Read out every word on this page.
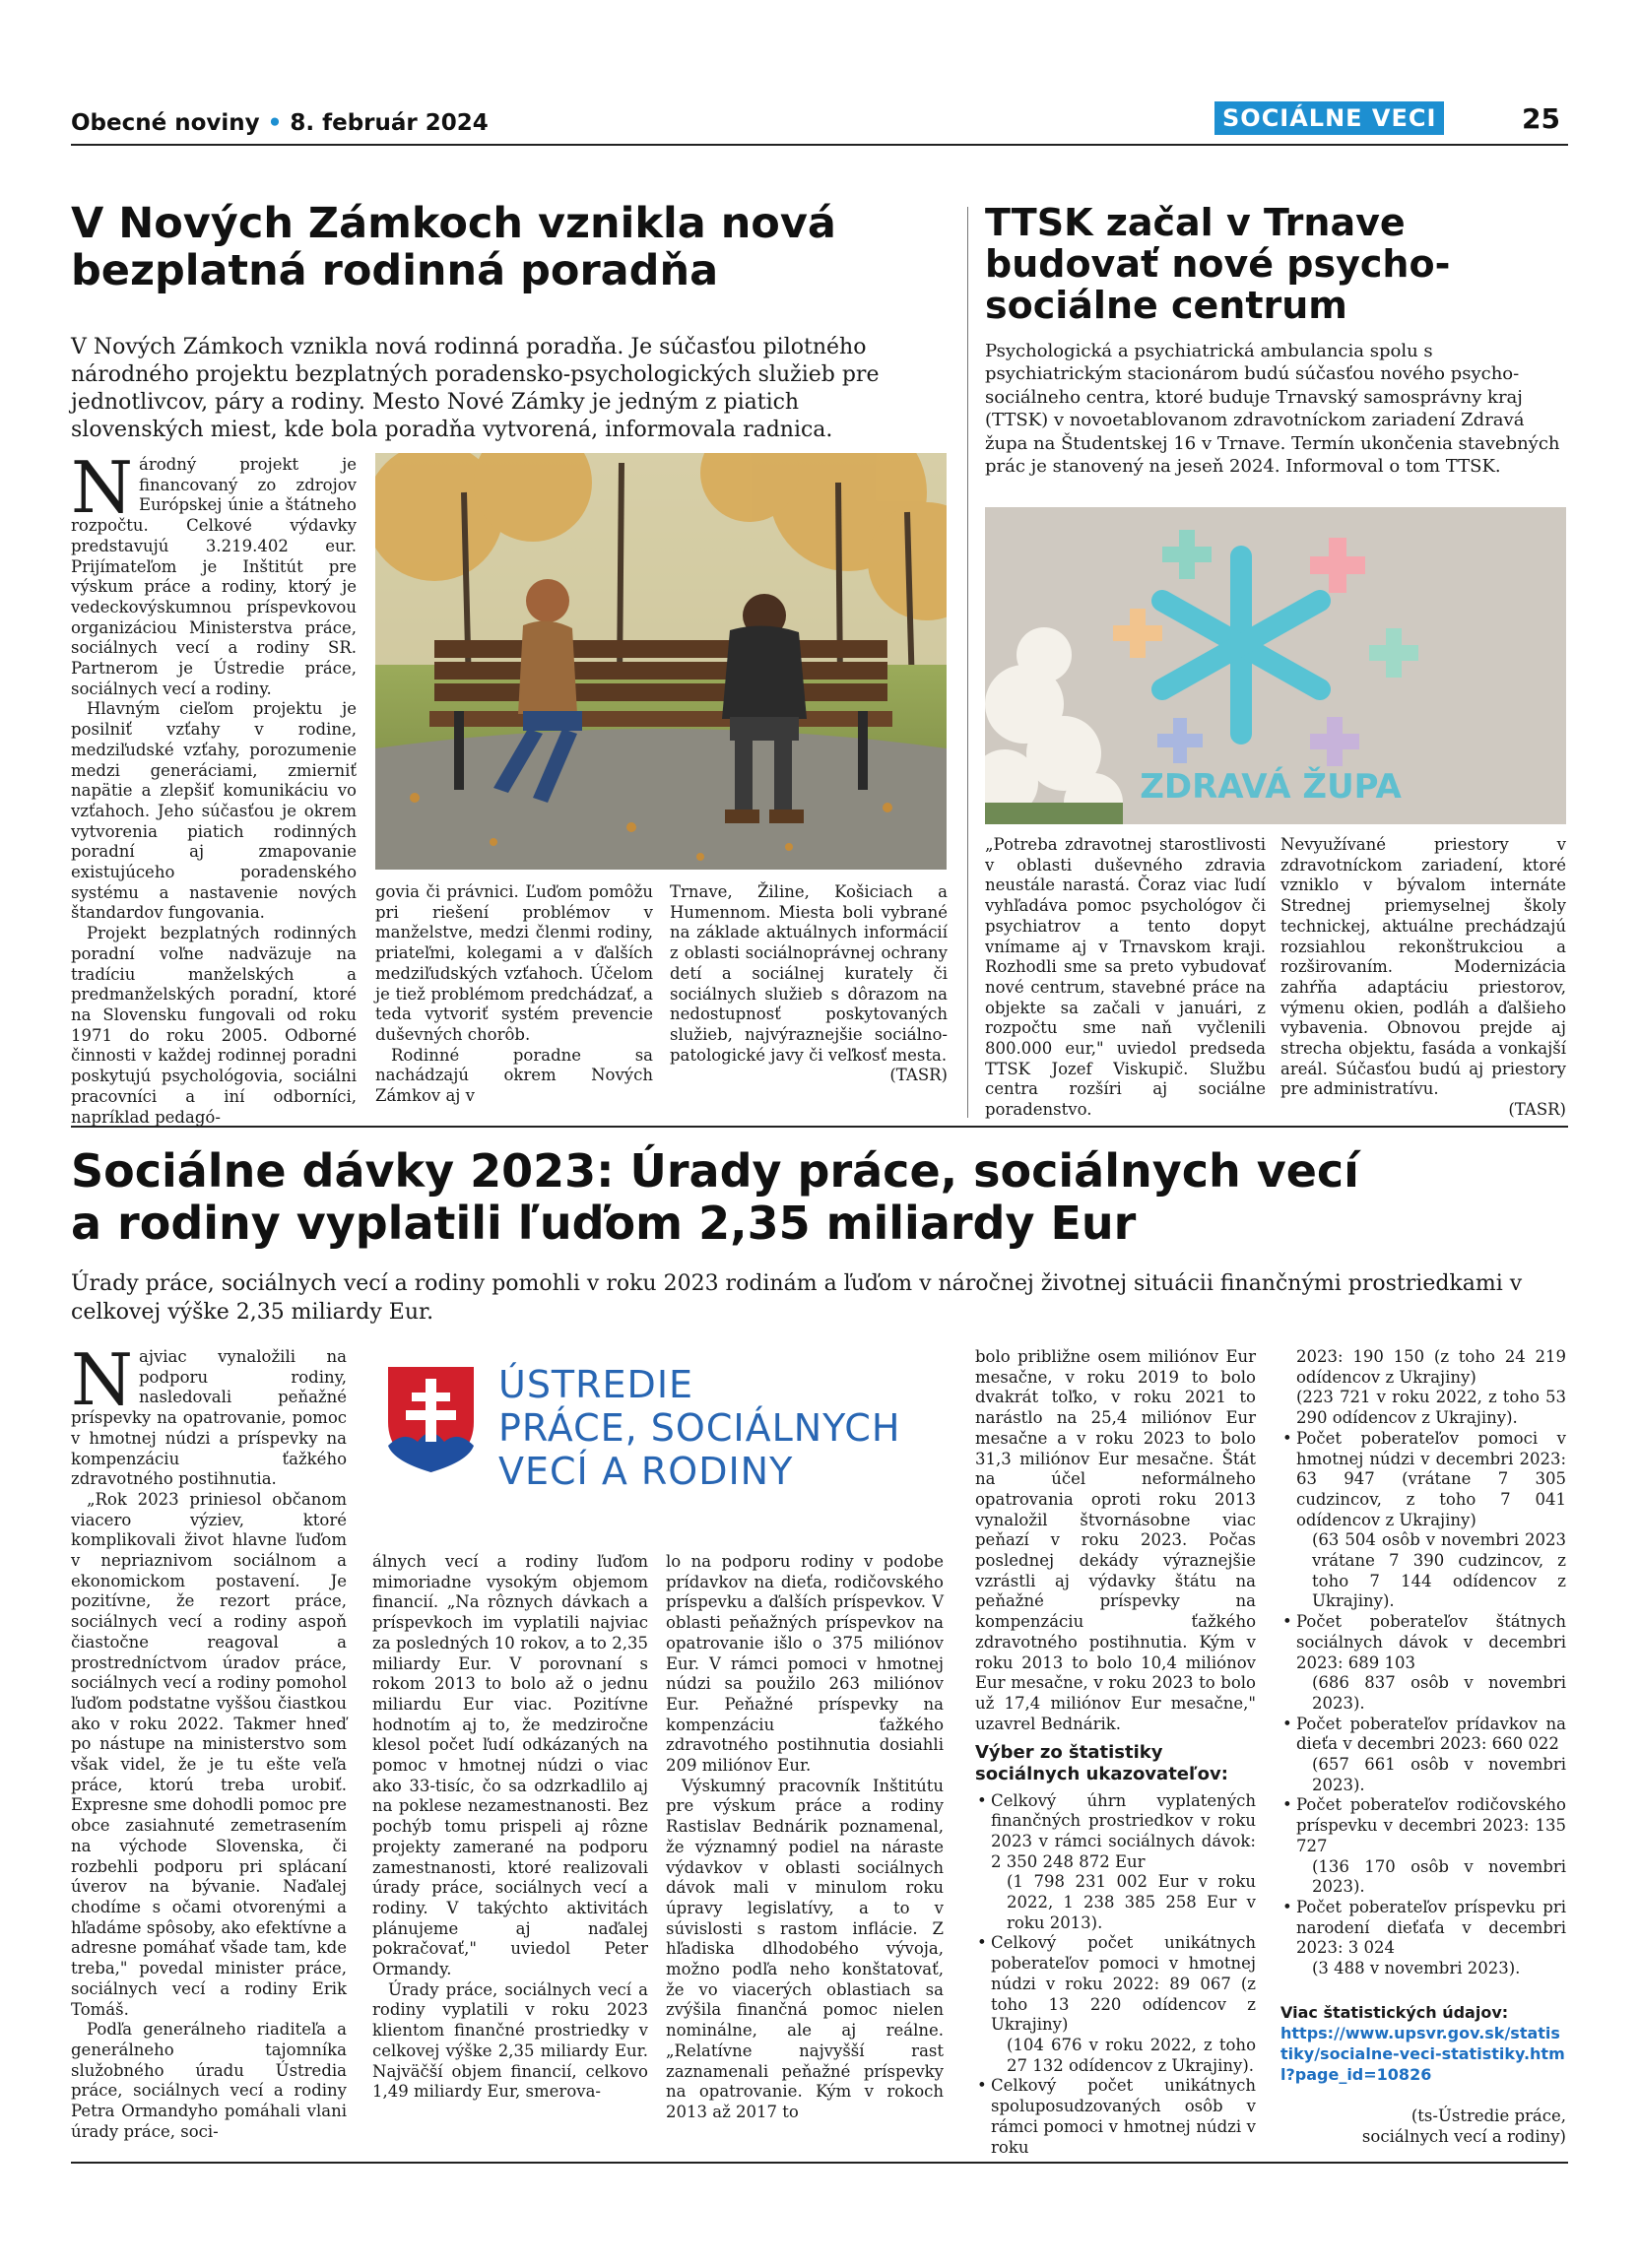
Obecné noviny • 8. február 2024	SOCIÁLNE VECI	25
V Nových Zámkoch vznikla nová
bezplatná rodinná poradňa
V Nových Zámkoch vznikla nová rodinná poradňa. Je súčasťou pilotného národného projektu bezplatných poradensko-psychologických služieb pre jednotlivcov, páry a rodiny. Mesto Nové Zámky je jedným z piatich slovenských miest, kde bola poradňa vytvorená, informovala radnica.

Národný projekt je financovaný zo zdrojov Európskej únie a štátneho rozpočtu. Celkové výdavky predstavujú 3.219.402 eur. Prijímateľom je Inštitút pre výskum práce a rodiny, ktorý je vedeckovýskumnou príspevkovou organizáciou Ministerstva práce, sociálnych vecí a rodiny SR. Partnerom je Ústredie práce, sociálnych vecí a rodiny.

Hlavným cieľom projektu je posilniť vzťahy v rodine, medziľudské vzťahy, porozumenie medzi generáciami, zmierniť napätie a zlepšiť komunikáciu vo vzťahoch. Jeho súčasťou je okrem vytvorenia piatich rodinných poradní aj zmapovanie existujúceho poradenského systému a nastavenie nových štandardov fungovania.

Projekt bezplatných rodinných poradní voľne nadväzuje na tradíciu manželských a predmanželských poradní, ktoré na Slovensku fungovali od roku 1971 do roku 2005. Odborné činnosti v každej rodinnej poradni poskytujú psychológovia, sociálni pracovníci a iní odborníci, napríklad pedagó-

govia či právnici. Ľuďom pomôžu pri riešení problémov v manželstve, medzi členmi rodiny, priateľmi, kolegami a v ďalších medziľudských vzťahoch. Účelom je tiež problémom predchádzať, a teda vytvoriť systém prevencie duševných chorôb.

Rodinné poradne sa nachádzajú okrem Nových Zámkov aj v

Trnave, Žiline, Košiciach a Humennom. Miesta boli vybrané na základe aktuálnych informácií z oblasti sociálnoprávnej ochrany detí a sociálnej kurately či sociálnych služieb s dôrazom na nedostupnosť poskytovaných služieb, najvýraznejšie sociálno-patologické javy či veľkosť mesta.

(TASR)

TTSK začal v Trnave
budovať nové psycho-
sociálne centrum
Psychologická a psychiatrická ambulancia spolu s psychiatrickým stacionárom budú súčasťou nového psycho-sociálneho centra, ktoré buduje Trnavský samosprávny kraj (TTSK) v novoetablovanom zdravotníckom zariadení Zdravá župa na Študentskej 16 v Trnave. Termín ukončenia stavebných prác je stanovený na jeseň 2024. Informoval o tom TTSK.
ZDRAVÁ ŽUPA

„Potreba zdravotnej starostlivosti v oblasti duševného zdravia neustále narastá. Čoraz viac ľudí vyhľadáva pomoc psychológov či psychiatrov a tento dopyt vnímame aj v Trnavskom kraji. Rozhodli sme sa preto vybudovať nové centrum, stavebné práce na objekte sa začali v januári, z rozpočtu sme naň vyčlenili 800.000 eur," uviedol predseda TTSK Jozef Viskupič. Službu centra rozšíri aj sociálne poradenstvo.

Nevyužívané priestory v zdravotníckom zariadení, ktoré vzniklo v bývalom internáte Strednej priemyselnej školy technickej, aktuálne prechádzajú rozsiahlou rekonštrukciou a rozširovaním. Modernizácia zahŕňa adaptáciu priestorov, výmenu okien, podláh a ďalšieho vybavenia. Obnovou prejde aj strecha objektu, fasáda a vonkajší areál. Súčasťou budú aj priestory pre administratívu.

(TASR)

Sociálne dávky 2023: Úrady práce, sociálnych vecí
a rodiny vyplatili ľuďom 2,35 miliardy Eur
Úrady práce, sociálnych vecí a rodiny pomohli v roku 2023 rodinám a ľuďom v náročnej životnej situácii finančnými prostriedkami v celkovej výške 2,35 miliardy Eur.

Najviac vynaložili na podporu rodiny, nasledovali peňažné príspevky na opatrovanie, pomoc v hmotnej núdzi a príspevky na kompenzáciu ťažkého zdravotného postihnutia.

„Rok 2023 priniesol občanom viacero výziev, ktoré komplikovali život hlavne ľuďom v nepriaznivom sociálnom a ekonomickom postavení. Je pozitívne, že rezort práce, sociálnych vecí a rodiny aspoň čiastočne reagoval a prostredníctvom úradov práce, sociálnych vecí a rodiny pomohol ľuďom podstatne vyššou čiastkou ako v roku 2022. Takmer hneď po nástupe na ministerstvo som však videl, že je tu ešte veľa práce, ktorú treba urobiť. Expresne sme dohodli pomoc pre obce zasiahnuté zemetrasením na východe Slovenska, či rozbehli podporu pri splácaní úverov na bývanie. Naďalej chodíme s očami otvorenými a hľadáme spôsoby, ako efektívne a adresne pomáhať všade tam, kde treba," povedal minister práce, sociálnych vecí a rodiny Erik Tomáš.

Podľa generálneho riaditeľa a generálneho tajomníka služobného úradu Ústredia práce, sociálnych vecí a rodiny Petra Ormandyho pomáhali vlani úrady práce, soci-

ÚSTREDIE
PRÁCE, SOCIÁLNYCH
VECÍ A RODINY

álnych vecí a rodiny ľuďom mimoriadne vysokým objemom financií. „Na rôznych dávkach a príspevkoch im vyplatili najviac za posledných 10 rokov, a to 2,35 miliardy Eur. V porovnaní s rokom 2013 to bolo až o jednu miliardu Eur viac. Pozitívne hodnotím aj to, že medziročne klesol počet ľudí odkázaných na pomoc v hmotnej núdzi o viac ako 33-tisíc, čo sa odzrkadlilo aj na poklese nezamestnanosti. Bez pochýb tomu prispeli aj rôzne projekty zamerané na podporu zamestnanosti, ktoré realizovali úrady práce, sociálnych vecí a rodiny. V takýchto aktivitách plánujeme aj naďalej pokračovať," uviedol Peter Ormandy.

Úrady práce, sociálnych vecí a rodiny vyplatili v roku 2023 klientom finančné prostriedky v celkovej výške 2,35 miliardy Eur. Najväčší objem financií, celkovo 1,49 miliardy Eur, smerova-

lo na podporu rodiny v podobe prídavkov na dieťa, rodičovského príspevku a ďalších príspevkov. V oblasti peňažných príspevkov na opatrovanie išlo o 375 miliónov Eur. V rámci pomoci v hmotnej núdzi sa použilo 263 miliónov Eur. Peňažné príspevky na kompenzáciu ťažkého zdravotného postihnutia dosiahli 209 miliónov Eur.

Výskumný pracovník Inštitútu pre výskum práce a rodiny Rastislav Bednárik poznamenal, že významný podiel na náraste výdavkov v oblasti sociálnych dávok mali v minulom roku úpravy legislatívy, a to v súvislosti s rastom inflácie. Z hľadiska dlhodobého vývoja, možno podľa neho konštatovať, že vo viacerých oblastiach sa zvýšila finančná pomoc nielen nominálne, ale aj reálne. „Relatívne najvyšší rast zaznamenali peňažné príspevky na opatrovanie. Kým v rokoch 2013 až 2017 to

bolo približne osem miliónov Eur mesačne, v roku 2019 to bolo dvakrát toľko, v roku 2021 to narástlo na 25,4 miliónov Eur mesačne a v roku 2023 to bolo 31,3 miliónov Eur mesačne. Štát na účel neformálneho opatrovania oproti roku 2013 vynaložil štvornásobne viac peňazí v roku 2023. Počas poslednej dekády výraznejšie vzrástli aj výdavky štátu na peňažné príspevky na kompenzáciu ťažkého zdravotného postihnutia. Kým v roku 2013 to bolo 10,4 miliónov Eur mesačne, v roku 2023 to bolo už 17,4 miliónov Eur mesačne," uzavrel Bednárik.

Výber zo štatistiky sociálnych ukazovateľov:
• Celkový úhrn vyplatených finančných prostriedkov v roku 2023 v rámci sociálnych dávok: 2 350 248 872 Eur
(1 798 231 002 Eur v roku 2022, 1 238 385 258 Eur v roku 2013).
• Celkový počet unikátnych poberateľov pomoci v hmotnej núdzi v roku 2022: 89 067 (z toho 13 220 odídencov z Ukrajiny)
(104 676 v roku 2022, z toho 27 132 odídencov z Ukrajiny).
• Celkový počet unikátnych spoluposudzovaných osôb v rámci pomoci v hmotnej núdzi v roku
2023: 190 150 (z toho 24 219 odídencov z Ukrajiny)
(223 721 v roku 2022, z toho 53 290 odídencov z Ukrajiny).
• Počet poberateľov pomoci v hmotnej núdzi v decembri 2023: 63 947 (vrátane 7 305 cudzincov, z toho 7 041 odídencov z Ukrajiny)
(63 504 osôb v novembri 2023 vrátane 7 390 cudzincov, z toho 7 144 odídencov z Ukrajiny).
• Počet poberateľov štátnych sociálnych dávok v decembri 2023: 689 103
(686 837 osôb v novembri 2023).
• Počet poberateľov prídavkov na dieťa v decembri 2023: 660 022
(657 661 osôb v novembri 2023).
• Počet poberateľov rodičovského príspevku v decembri 2023: 135 727
(136 170 osôb v novembri 2023).
• Počet poberateľov príspevku pri narodení dieťaťa v decembri 2023: 3 024
(3 488 v novembri 2023).
Viac štatistických údajov:
https://www.upsvr.gov.sk/statistiky/socialne-veci-statistiky.html?page_id=10826
(ts-Ústredie práce, sociálnych vecí a rodiny)
